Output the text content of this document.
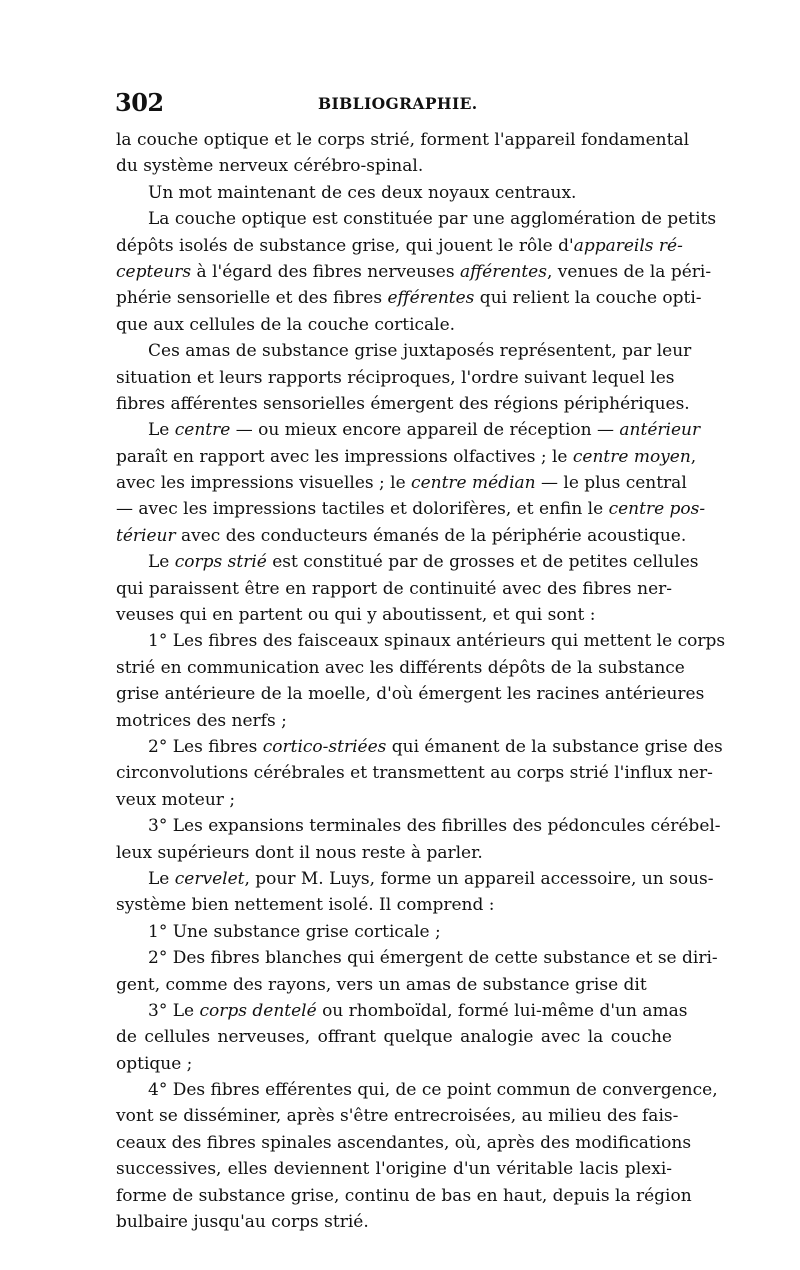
302	BIBLIOGRAPHIE.
la couche optique et le corps strié, forment l'appareil fondamental
du système nerveux cérébro-spinal.
Un mot maintenant de ces deux noyaux centraux.
La couche optique est constituée par une agglomération de petits
dépôts isolés de substance grise, qui jouent le rôle d'appareils ré-
cepteurs à l'égard des fibres nerveuses afférentes, venues de la péri-
phérie sensorielle et des fibres efférentes qui relient la couche opti-
que aux cellules de la couche corticale.
Ces amas de substance grise juxtaposés représentent, par leur
situation et leurs rapports réciproques, l'ordre suivant lequel les
fibres afférentes sensorielles émergent des régions périphériques.
Le centre — ou mieux encore appareil de réception — antérieur
paraît en rapport avec les impressions olfactives ; le centre moyen,
avec les impressions visuelles ; le centre médian — le plus central
— avec les impressions tactiles et dolorifères, et enfin le centre pos-
térieur avec des conducteurs émanés de la périphérie acoustique.
Le corps strié est constitué par de grosses et de petites cellules
qui paraissent être en rapport de continuité avec des fibres ner-
veuses qui en partent ou qui y aboutissent, et qui sont :
1° Les fibres des faisceaux spinaux antérieurs qui mettent le corps
strié en communication avec les différents dépôts de la substance
grise antérieure de la moelle, d'où émergent les racines antérieures
motrices des nerfs ;
2° Les fibres cortico-striées qui émanent de la substance grise des
circonvolutions cérébrales et transmettent au corps strié l'influx ner-
veux moteur ;
3° Les expansions terminales des fibrilles des pédoncules cérébel-
leux supérieurs dont il nous reste à parler.
Le cervelet, pour M. Luys, forme un appareil accessoire, un sous-
système bien nettement isolé. Il comprend :
1° Une substance grise corticale ;
2° Des fibres blanches qui émergent de cette substance et se diri-
gent, comme des rayons, vers un amas de substance grise dit
3° Le corps dentelé ou rhomboïdal, formé lui-même d'un amas
de cellules nerveuses, offrant quelque analogie avec la couche
optique ;
4° Des fibres efférentes qui, de ce point commun de convergence,
vont se disséminer, après s'être entrecroisées, au milieu des fais-
ceaux des fibres spinales ascendantes, où, après des modifications
successives, elles deviennent l'origine d'un véritable lacis plexi-
forme de substance grise, continu de bas en haut, depuis la région
bulbaire jusqu'au corps strié.
